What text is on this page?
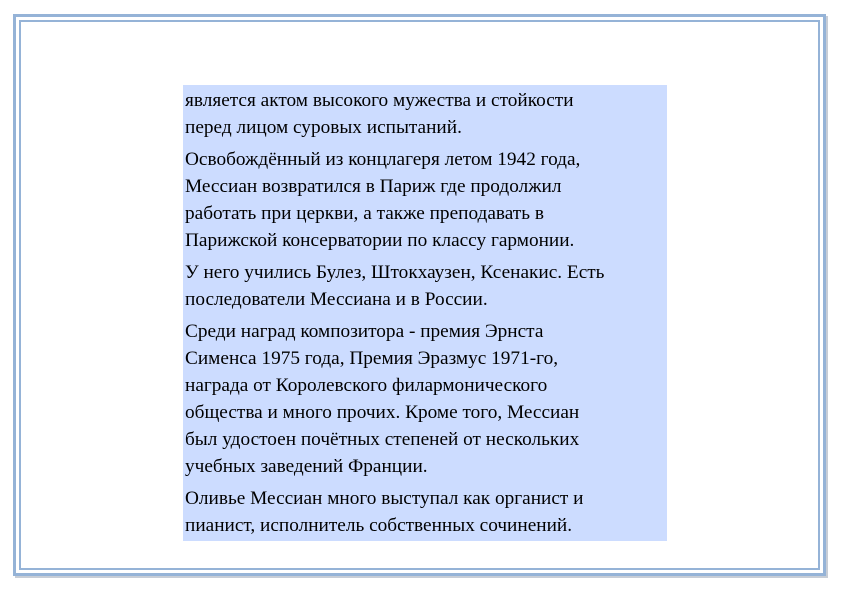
является актом высокого мужества и стойкости
перед лицом суровых испытаний.

Освобождённый из концлагеря летом 1942 года,
Мессиан возвратился в Париж где продолжил
работать при церкви, а также преподавать в
Парижской консерватории по классу гармонии.

У него учились Булез, Штокхаузен, Ксенакис. Есть
последователи Мессиана и в России.

Среди наград композитора - премия Эрнста
Сименса 1975 года, Премия Эразмус 1971-го,
награда от Королевского филармонического
общества и много прочих. Кроме того, Мессиан
был удостоен почётных степеней от нескольких
учебных заведений Франции.

Оливье Мессиан много выступал как органист и
пианист, исполнитель собственных сочинений.
